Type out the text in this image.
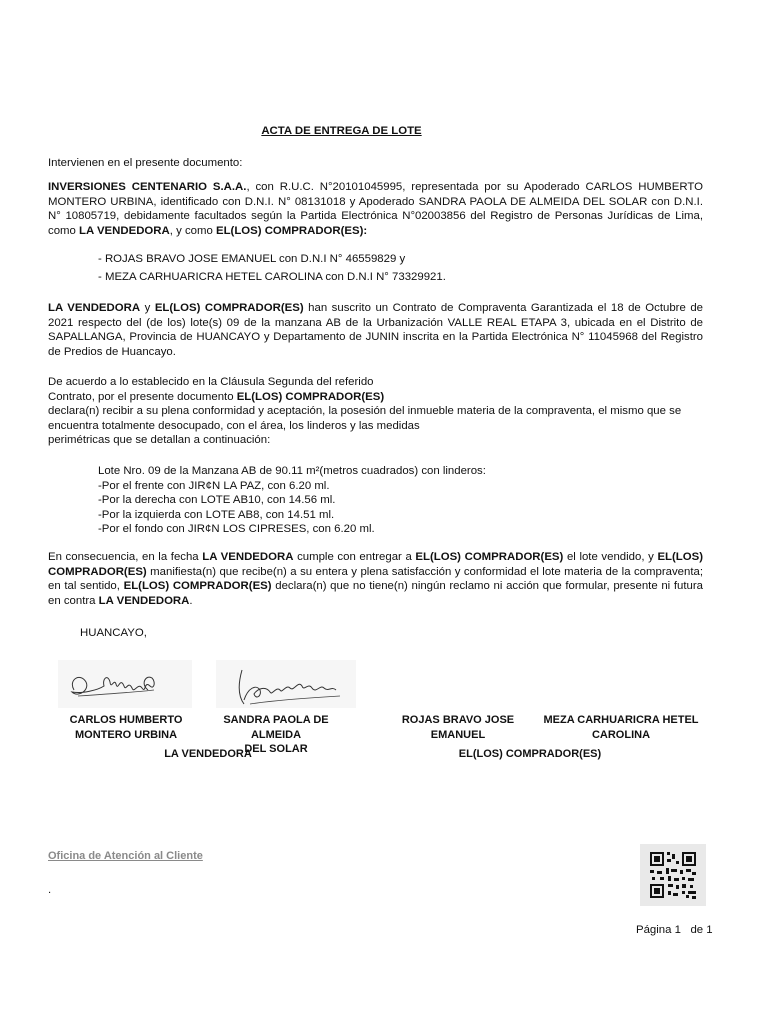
ACTA DE ENTREGA DE LOTE
Intervienen en el presente documento:
INVERSIONES CENTENARIO S.A.A., con R.U.C. N°20101045995, representada por su Apoderado CARLOS HUMBERTO MONTERO URBINA, identificado con D.N.I. N° 08131018 y Apoderado SANDRA PAOLA DE ALMEIDA DEL SOLAR con D.N.I. N° 10805719, debidamente facultados según la Partida Electrónica N°02003856 del Registro de Personas Jurídicas de Lima, como LA VENDEDORA, y como EL(LOS) COMPRADOR(ES):
- ROJAS BRAVO JOSE EMANUEL con D.N.I N° 46559829 y
- MEZA CARHUARICRA HETEL CAROLINA con D.N.I N° 73329921.
LA VENDEDORA y EL(LOS) COMPRADOR(ES) han suscrito un Contrato de Compraventa Garantizada el 18 de Octubre de 2021 respecto del (de los) lote(s) 09 de la manzana AB de la Urbanización VALLE REAL ETAPA 3, ubicada en el Distrito de SAPALLANGA, Provincia de HUANCAYO y Departamento de JUNIN inscrita en la Partida Electrónica N° 11045968 del Registro de Predios de Huancayo.
De acuerdo a lo establecido en la Cláusula Segunda del referido
Contrato, por el presente documento EL(LOS) COMPRADOR(ES)
declara(n) recibir a su plena conformidad y aceptación, la posesión del inmueble materia de la compraventa, el mismo que se
encuentra totalmente desocupado, con el área, los linderos y las medidas
perimétricas que se detallan a continuación:
Lote Nro. 09 de la Manzana AB de 90.11 m²(metros cuadrados) con linderos:
-Por el frente con JIR¢N LA PAZ, con 6.20 ml.
-Por la derecha con LOTE AB10, con 14.56 ml.
-Por la izquierda con LOTE AB8, con 14.51 ml.
-Por el fondo con JIR¢N LOS CIPRESES, con 6.20 ml.
En consecuencia, en la fecha LA VENDEDORA cumple con entregar a EL(LOS) COMPRADOR(ES) el lote vendido, y EL(LOS) COMPRADOR(ES) manifiesta(n) que recibe(n) a su entera y plena satisfacción y conformidad el lote materia de la compraventa; en tal sentido, EL(LOS) COMPRADOR(ES) declara(n) que no tiene(n) ningún reclamo ni acción que formular, presente ni futura en contra LA VENDEDORA.
HUANCAYO,
CARLOS HUMBERTO
MONTERO URBINA
SANDRA PAOLA DE ALMEIDA
DEL SOLAR
ROJAS BRAVO JOSE
EMANUEL
MEZA CARHUARICRA HETEL
CAROLINA
LA VENDEDORA	EL(LOS) COMPRADOR(ES)
Oficina de Atención al Cliente
.
Página 1 de 1
